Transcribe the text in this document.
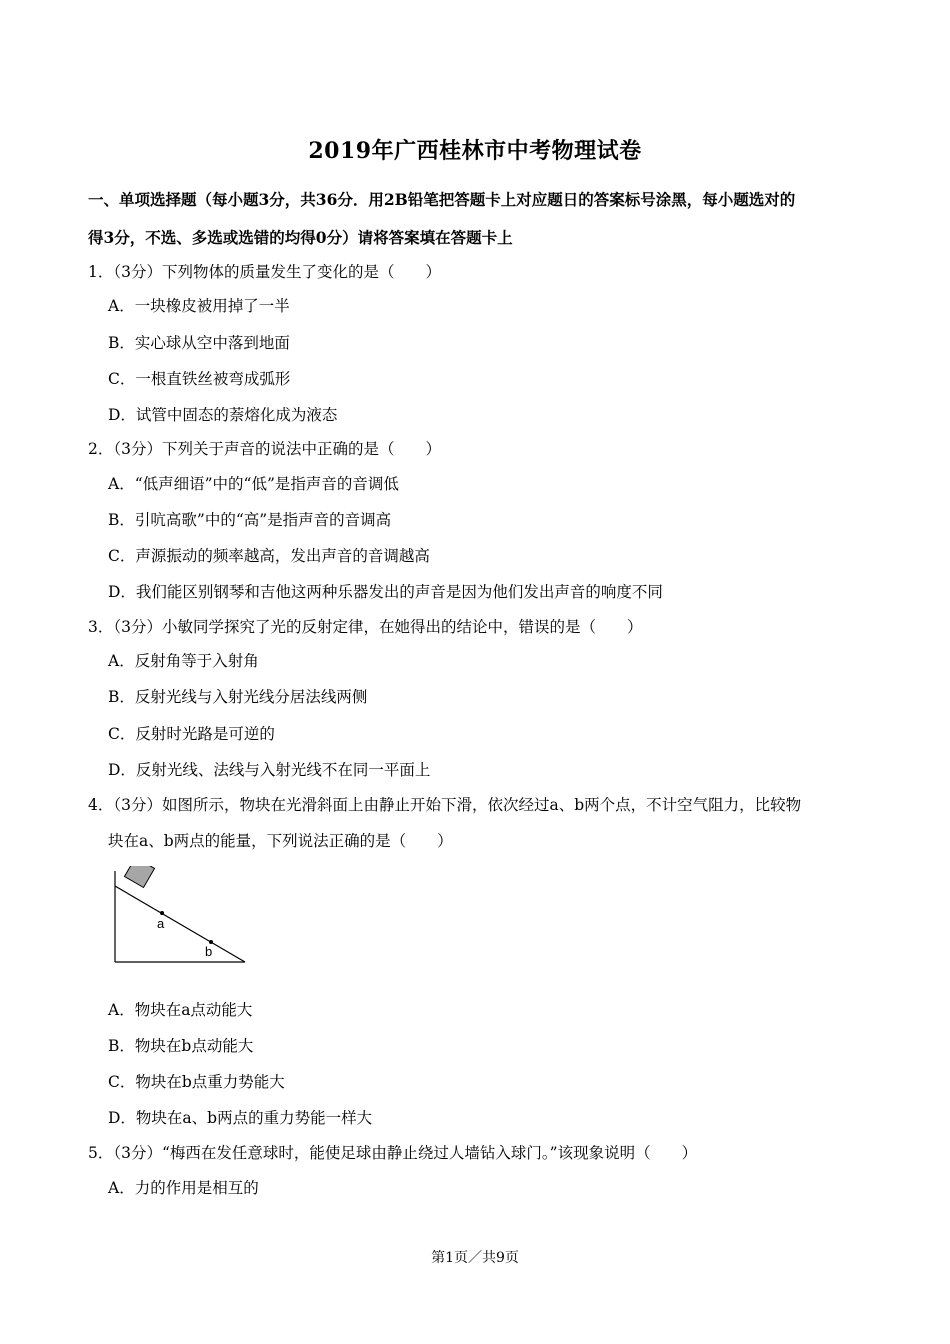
2019年广西桂林市中考物理试卷
一、单项选择题（每小题3分，共36分．用2B铅笔把答题卡上对应题日的答案标号涂黑，每小题选对的
得3分，不选、多选或选错的均得0分）请将答案填在答题卡上
1．（3分）下列物体的质量发生了变化的是（　　）
A．一块橡皮被用掉了一半
B．实心球从空中落到地面
C．一根直铁丝被弯成弧形
D．试管中固态的萘熔化成为液态
2．（3分）下列关于声音的说法中正确的是（　　）
A．“低声细语”中的“低”是指声音的音调低
B．引吭高歌”中的“高”是指声音的音调高
C．声源振动的频率越高，发出声音的音调越高
D．我们能区别钢琴和吉他这两种乐器发出的声音是因为他们发出声音的响度不同
3．（3分）小敏同学探究了光的反射定律，在她得出的结论中，错误的是（　　）
A．反射角等于入射角
B．反射光线与入射光线分居法线两侧
C．反射时光路是可逆的
D．反射光线、法线与入射光线不在同一平面上
4．（3分）如图所示，物块在光滑斜面上由静止开始下滑，依次经过a、b两个点，不计空气阻力，比较物
块在a、b两点的能量，下列说法正确的是（　　）
a
b
A．物块在a点动能大
B．物块在b点动能大
C．物块在b点重力势能大
D．物块在a、b两点的重力势能一样大
5．（3分）“梅西在发任意球时，能使足球由静止绕过人墙钻入球门。”该现象说明（　　）
A．力的作用是相互的
第1页／共9页
